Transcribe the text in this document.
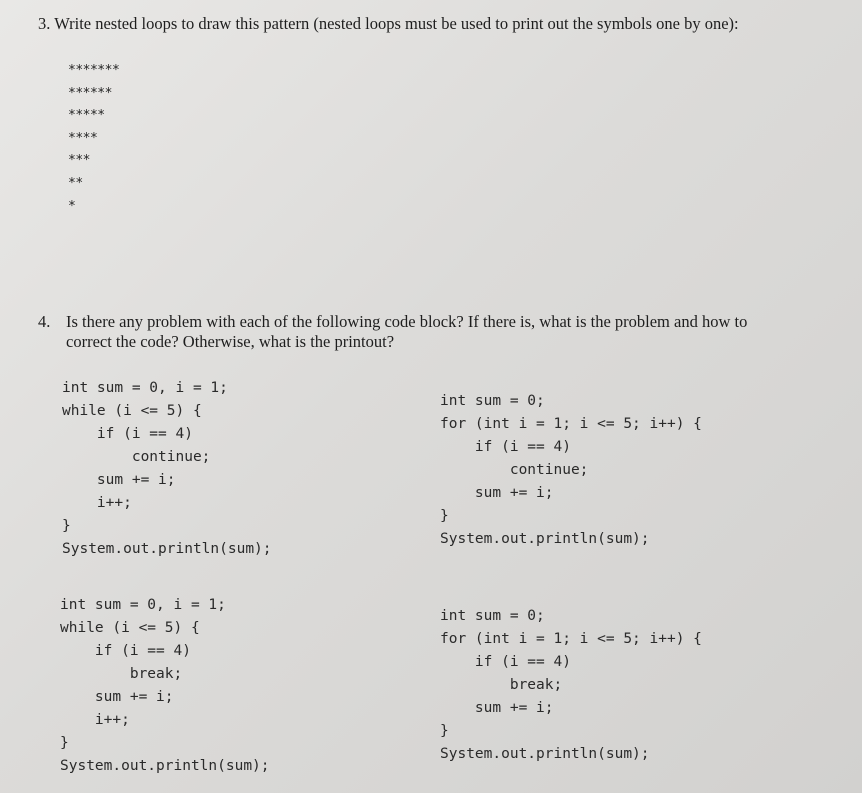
3. Write nested loops to draw this pattern (nested loops must be used to print out the symbols one by one):
*******
******
*****
****
***
**
*
4. Is there any problem with each of the following code block? If there is, what is the problem and how to
correct the code? Otherwise, what is the printout?
int sum = 0, i = 1;
while (i <= 5) {
if (i == 4)
continue;
sum += i;
i++;
}
System.out.println(sum);
int sum = 0;
for (int i = 1; i <= 5; i++) {
if (i == 4)
continue;
sum += i;
}
System.out.println(sum);
int sum = 0, i = 1;
while (i <= 5) {
if (i == 4)
break;
sum += i;
i++;
}
System.out.println(sum);
int sum = 0;
for (int i = 1; i <= 5; i++) {
if (i == 4)
break;
sum += i;
}
System.out.println(sum);
